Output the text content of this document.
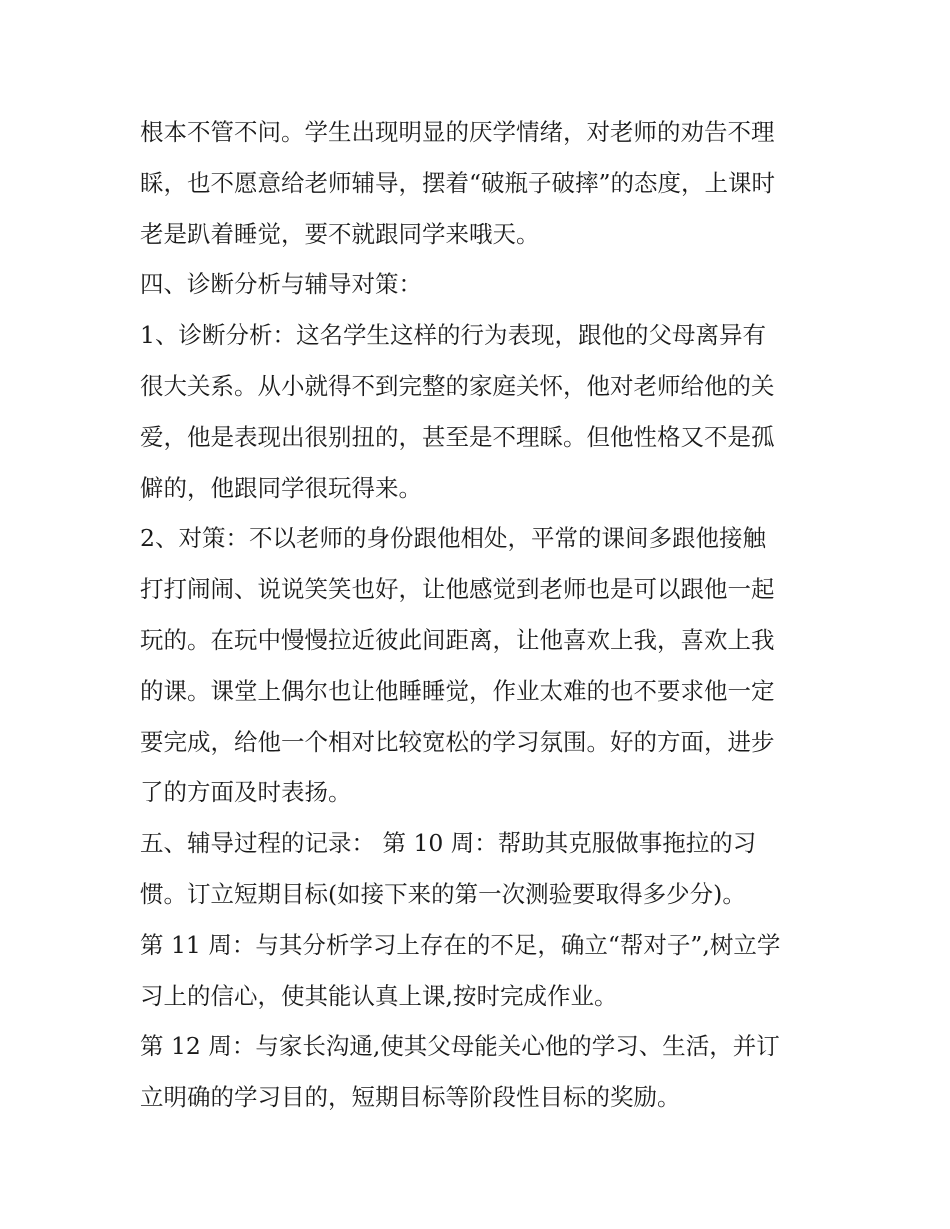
根本不管不问。学生出现明显的厌学情绪，对老师的劝告不理
睬，也不愿意给老师辅导，摆着“破瓶子破摔”的态度，上课时
老是趴着睡觉，要不就跟同学来哦天。
四、诊断分析与辅导对策：
1、诊断分析：这名学生这样的行为表现，跟他的父母离异有
很大关系。从小就得不到完整的家庭关怀，他对老师给他的关
爱，他是表现出很别扭的，甚至是不理睬。但他性格又不是孤
僻的，他跟同学很玩得来。
2、对策：不以老师的身份跟他相处，平常的课间多跟他接触
打打闹闹、说说笑笑也好，让他感觉到老师也是可以跟他一起
玩的。在玩中慢慢拉近彼此间距离，让他喜欢上我，喜欢上我
的课。课堂上偶尔也让他睡睡觉，作业太难的也不要求他一定
要完成，给他一个相对比较宽松的学习氛围。好的方面，进步
了的方面及时表扬。
五、辅导过程的记录： 第 10 周：帮助其克服做事拖拉的习
惯。订立短期目标(如接下来的第一次测验要取得多少分)。
第 11 周：与其分析学习上存在的不足，确立“帮对子”,树立学
习上的信心，使其能认真上课,按时完成作业。
第 12 周：与家长沟通,使其父母能关心他的学习、生活，并订
立明确的学习目的，短期目标等阶段性目标的奖励。
